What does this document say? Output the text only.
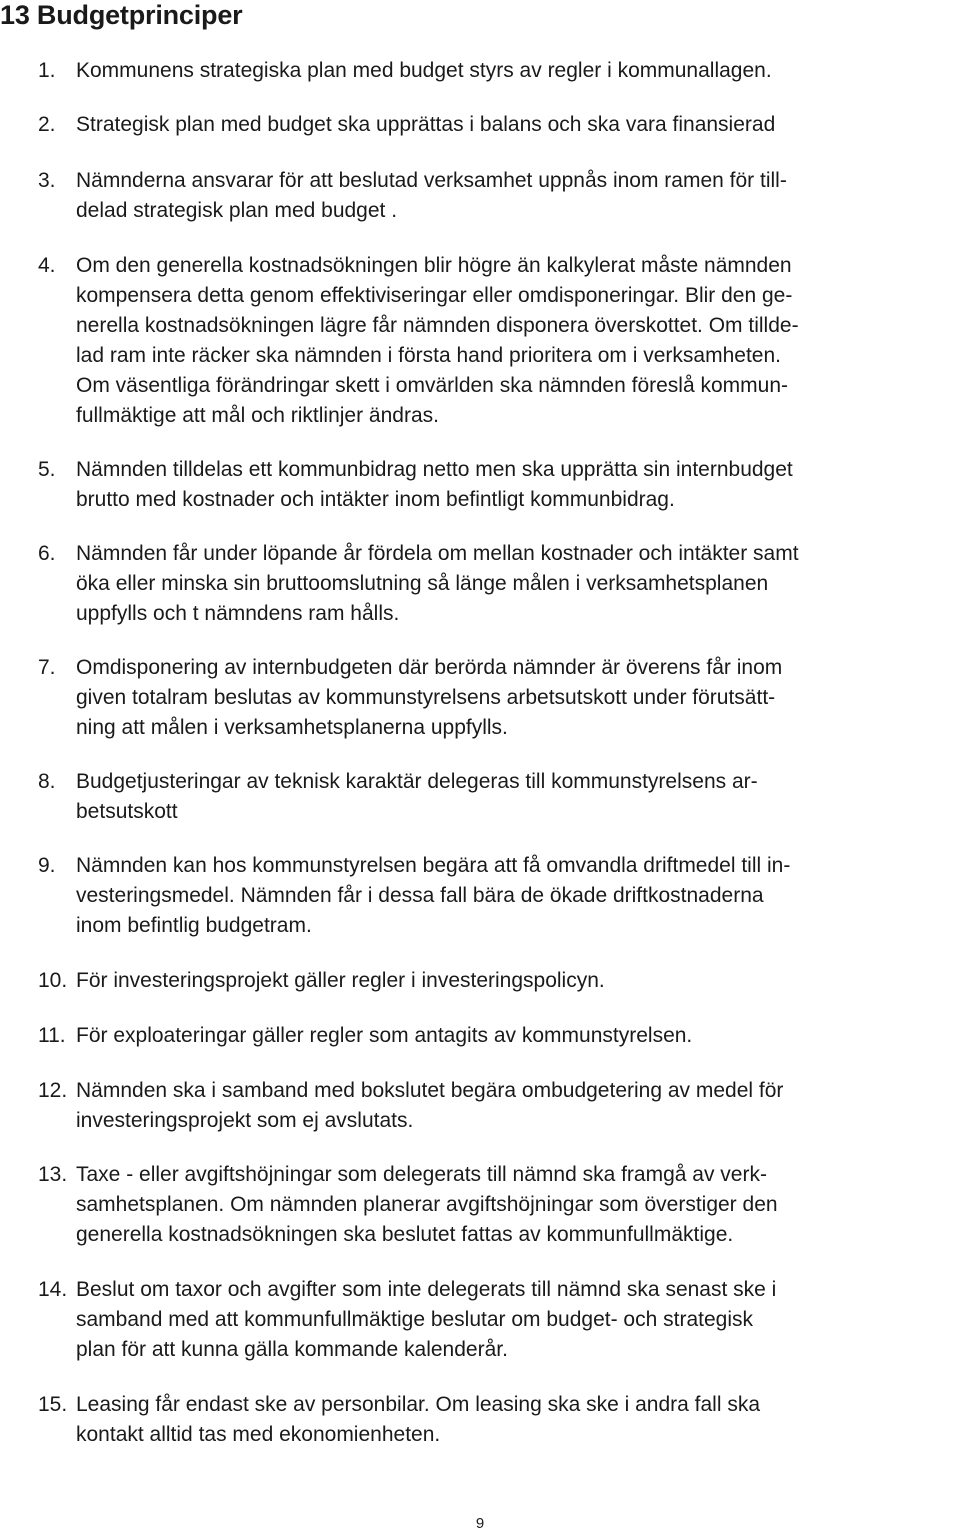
13 Budgetprinciper
1. Kommunens strategiska plan med budget styrs av regler i kommunallagen.
2. Strategisk plan med budget ska upprättas i balans och ska vara finansierad
3. Nämnderna ansvarar för att beslutad verksamhet uppnås inom ramen för till-
delad strategisk plan med budget .
4. Om den generella kostnadsökningen blir högre än kalkylerat måste nämnden
kompensera detta genom effektiviseringar eller omdisponeringar. Blir den ge-
nerella kostnadsökningen lägre får nämnden disponera överskottet. Om tillde-
lad ram inte räcker ska nämnden i första hand prioritera om i verksamheten.
Om väsentliga förändringar skett i omvärlden ska nämnden föreslå kommun-
fullmäktige att mål och riktlinjer ändras.
5. Nämnden tilldelas ett kommunbidrag netto men ska upprätta sin internbudget
brutto med kostnader och intäkter inom befintligt kommunbidrag.
6. Nämnden får under löpande år fördela om mellan kostnader och intäkter samt
öka eller minska sin bruttoomslutning så länge målen i verksamhetsplanen
uppfylls och t nämndens ram hålls.
7. Omdisponering av internbudgeten där berörda nämnder är överens får inom
given totalram beslutas av kommunstyrelsens arbetsutskott under förutsätt-
ning att målen i verksamhetsplanerna uppfylls.
8. Budgetjusteringar av teknisk karaktär delegeras till kommunstyrelsens ar-
betsutskott
9. Nämnden kan hos kommunstyrelsen begära att få omvandla driftmedel till in-
vesteringsmedel. Nämnden får i dessa fall bära de ökade driftkostnaderna
inom befintlig budgetram.
10. För investeringsprojekt gäller regler i investeringspolicyn.
11. För exploateringar gäller regler som antagits av kommunstyrelsen.
12. Nämnden ska i samband med bokslutet begära ombudgetering av medel för
investeringsprojekt som ej avslutats.
13. Taxe - eller avgiftshöjningar som delegerats till nämnd ska framgå av verk-
samhetsplanen. Om nämnden planerar avgiftshöjningar som överstiger den
generella kostnadsökningen ska beslutet fattas av kommunfullmäktige.
14. Beslut om taxor och avgifter som inte delegerats till nämnd ska senast ske i
samband med att kommunfullmäktige beslutar om budget- och strategisk
plan för att kunna gälla kommande kalenderår.
15. Leasing får endast ske av personbilar. Om leasing ska ske i andra fall ska
kontakt alltid tas med ekonomienheten.
9
